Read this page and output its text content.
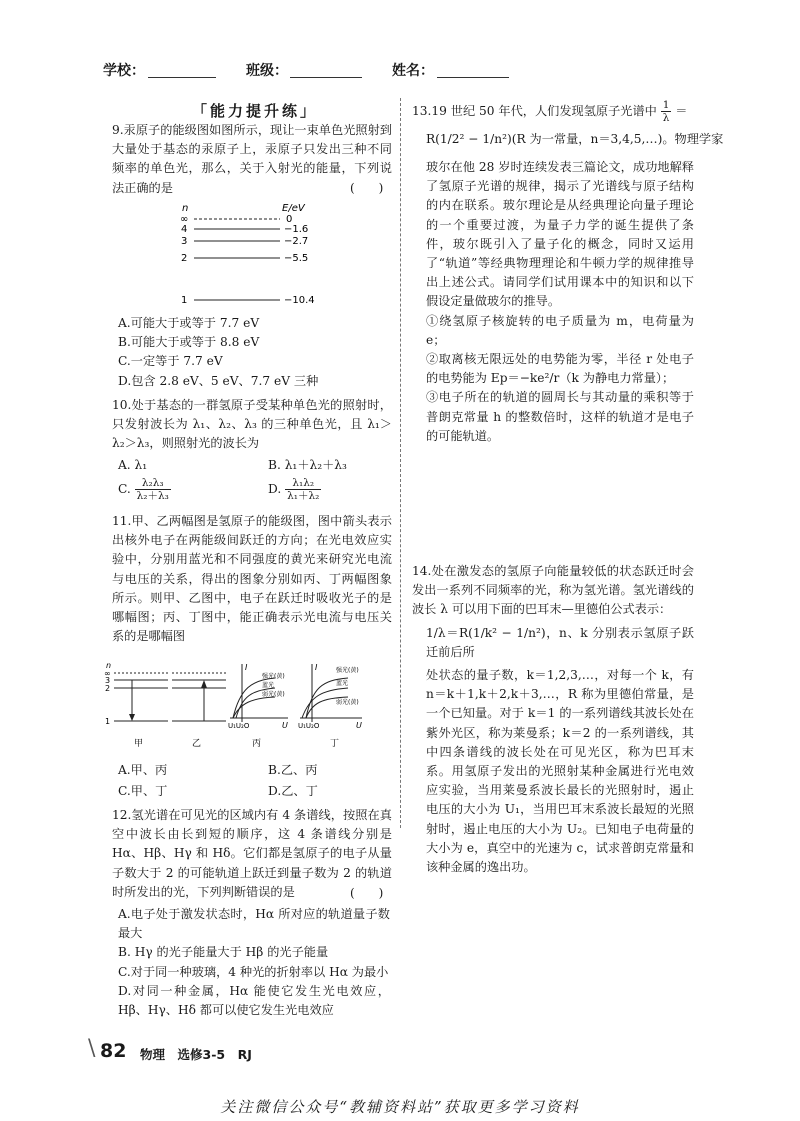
学校：	班级：	姓名：
「能力提升练」

9.汞原子的能级图如图所示，现让一束单色光照射到大量处于基态的汞原子上，汞原子只发出三种不同频率的单色光，那么，关于入射光的能量，下列说法正确的是	(　　)
n	E/eV
∞	0
4	−1.6
3	−2.7
2	−5.5
1	−10.4

A.可能大于或等于 7.7 eV

B.可能大于或等于 8.8 eV

C.一定等于 7.7 eV

D.包含 2.8 eV、5 eV、7.7 eV 三种

10.处于基态的一群氢原子受某种单色光的照射时，只发射波长为 λ₁、λ₂、λ₃ 的三种单色光，且 λ₁＞λ₂＞λ₃，则照射光的波长为

A. λ₁	B. λ₁＋λ₂＋λ₃
C. $\frac{\text{λ₂λ₃}}{\text{λ₂＋λ₃}}$	D. $\frac{\text{λ₁λ₂}}{\text{λ₁＋λ₂}}$

11.甲、乙两幅图是氢原子的能级图，图中箭头表示出核外电子在两能级间跃迁的方向；在光电效应实验中，分别用蓝光和不同强度的黄光来研究光电流与电压的关系，得出的图象分别如丙、丁两幅图象所示。则甲、乙图中，电子在跃迁时吸收光子的是哪幅图；丙、丁图中，能正确表示光电流与电压关系的是哪幅图

n
∞
3
2
1
甲	乙
I
U
强光(黄)
蓝光
弱光(黄)
U₁U₂O
丙
I
U
强光(黄)
蓝光
弱光(黄)
U₁U₂O
丁
A.甲、丙	B.乙、丙
C.甲、丁	D.乙、丁

12.氢光谱在可见光的区域内有 4 条谱线，按照在真空中波长由长到短的顺序，这 4 条谱线分别是 Hα、Hβ、Hγ 和 Hδ。它们都是氢原子的电子从量子数大于 2 的可能轨道上跃迁到量子数为 2 的轨道时所发出的光，下列判断错误的是	(　　)

A.电子处于激发状态时，Hα 所对应的轨道量子数最大

B. Hγ 的光子能量大于 Hβ 的光子能量

C.对于同一种玻璃，4 种光的折射率以 Hα 为最小

D.对同一种金属，Hα 能使它发生光电效应，Hβ、Hγ、Hδ 都可以使它发生光电效应

13.19 世纪 50 年代，人们发现氢原子光谱中 $\frac{1}{\lambda}$ ＝
R(1/2² − 1/n²)(R 为一常量，n＝3,4,5,…)。物理学家

玻尔在他 28 岁时连续发表三篇论文，成功地解释了氢原子光谱的规律，揭示了光谱线与原子结构的内在联系。玻尔理论是从经典理论向量子理论的一个重要过渡，为量子力学的诞生提供了条件，玻尔既引入了量子化的概念，同时又运用了“轨道”等经典物理理论和牛顿力学的规律推导出上述公式。请同学们试用课本中的知识和以下假设定量做玻尔的推导。

①绕氢原子核旋转的电子质量为 m，电荷量为 e；

②取离核无限远处的电势能为零，半径 r 处电子的电势能为 Ep＝−ke²/r（k 为静电力常量）；

③电子所在的轨道的圆周长与其动量的乘积等于普朗克常量 h 的整数倍时，这样的轨道才是电子的可能轨道。

14.处在激发态的氢原子向能量较低的状态跃迁时会发出一系列不同频率的光，称为氢光谱。氢光谱线的波长 λ 可以用下面的巴耳末—里德伯公式表示：

1/λ＝R(1/k² − 1/n²)，n、k 分别表示氢原子跃迁前后所

处状态的量子数，k＝1,2,3,…，对每一个 k，有 n＝k＋1,k＋2,k＋3,…，R 称为里德伯常量，是一个已知量。对于 k＝1 的一系列谱线其波长处在紫外光区，称为莱曼系；k＝2 的一系列谱线，其中四条谱线的波长处在可见光区，称为巴耳末系。用氢原子发出的光照射某种金属进行光电效应实验，当用莱曼系波长最长的光照射时，遏止电压的大小为 U₁，当用巴耳末系波长最短的光照射时，遏止电压的大小为 U₂。已知电子电荷量的大小为 e，真空中的光速为 c，试求普朗克常量和该种金属的逸出功。

\ 82 物理　选修3-5　RJ
关注微信公众号“教辅资料站”获取更多学习资料
